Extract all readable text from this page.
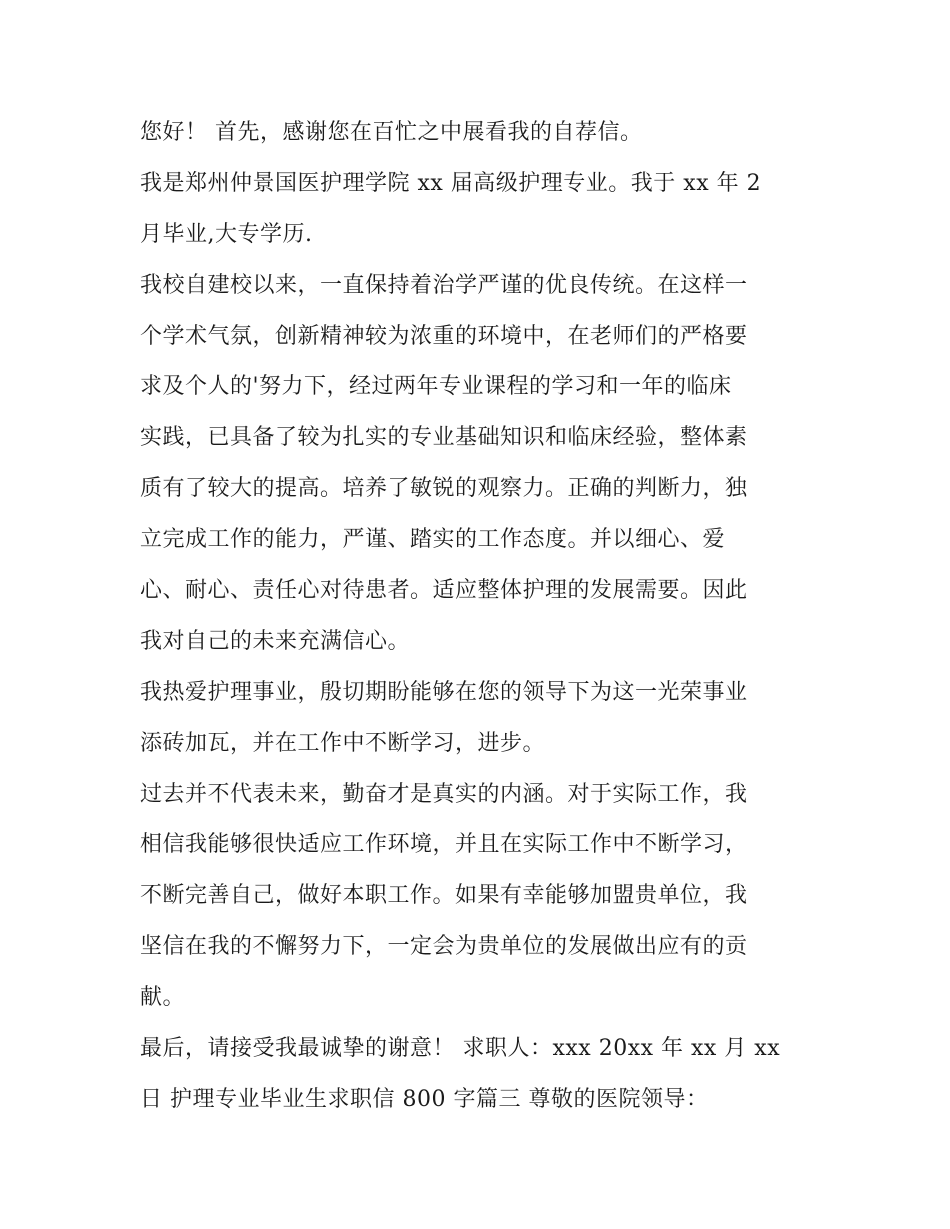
您好！ 首先，感谢您在百忙之中展看我的自荐信。
我是郑州仲景国医护理学院 xx 届高级护理专业。我于 xx 年 2
月毕业,大专学历.
我校自建校以来，一直保持着治学严谨的优良传统。在这样一
个学术气氛，创新精神较为浓重的环境中，在老师们的严格要
求及个人的'努力下，经过两年专业课程的学习和一年的临床
实践，已具备了较为扎实的专业基础知识和临床经验，整体素
质有了较大的提高。培养了敏锐的观察力。正确的判断力，独
立完成工作的能力，严谨、踏实的工作态度。并以细心、爱
心、耐心、责任心对待患者。适应整体护理的发展需要。因此
我对自己的未来充满信心。
我热爱护理事业，殷切期盼能够在您的领导下为这一光荣事业
添砖加瓦，并在工作中不断学习，进步。
过去并不代表未来，勤奋才是真实的内涵。对于实际工作，我
相信我能够很快适应工作环境，并且在实际工作中不断学习，
不断完善自己，做好本职工作。如果有幸能够加盟贵单位，我
坚信在我的不懈努力下，一定会为贵单位的发展做出应有的贡
献。
最后，请接受我最诚挚的谢意！ 求职人：xxx 20xx 年 xx 月 xx
日 护理专业毕业生求职信 800 字篇三 尊敬的医院领导：
